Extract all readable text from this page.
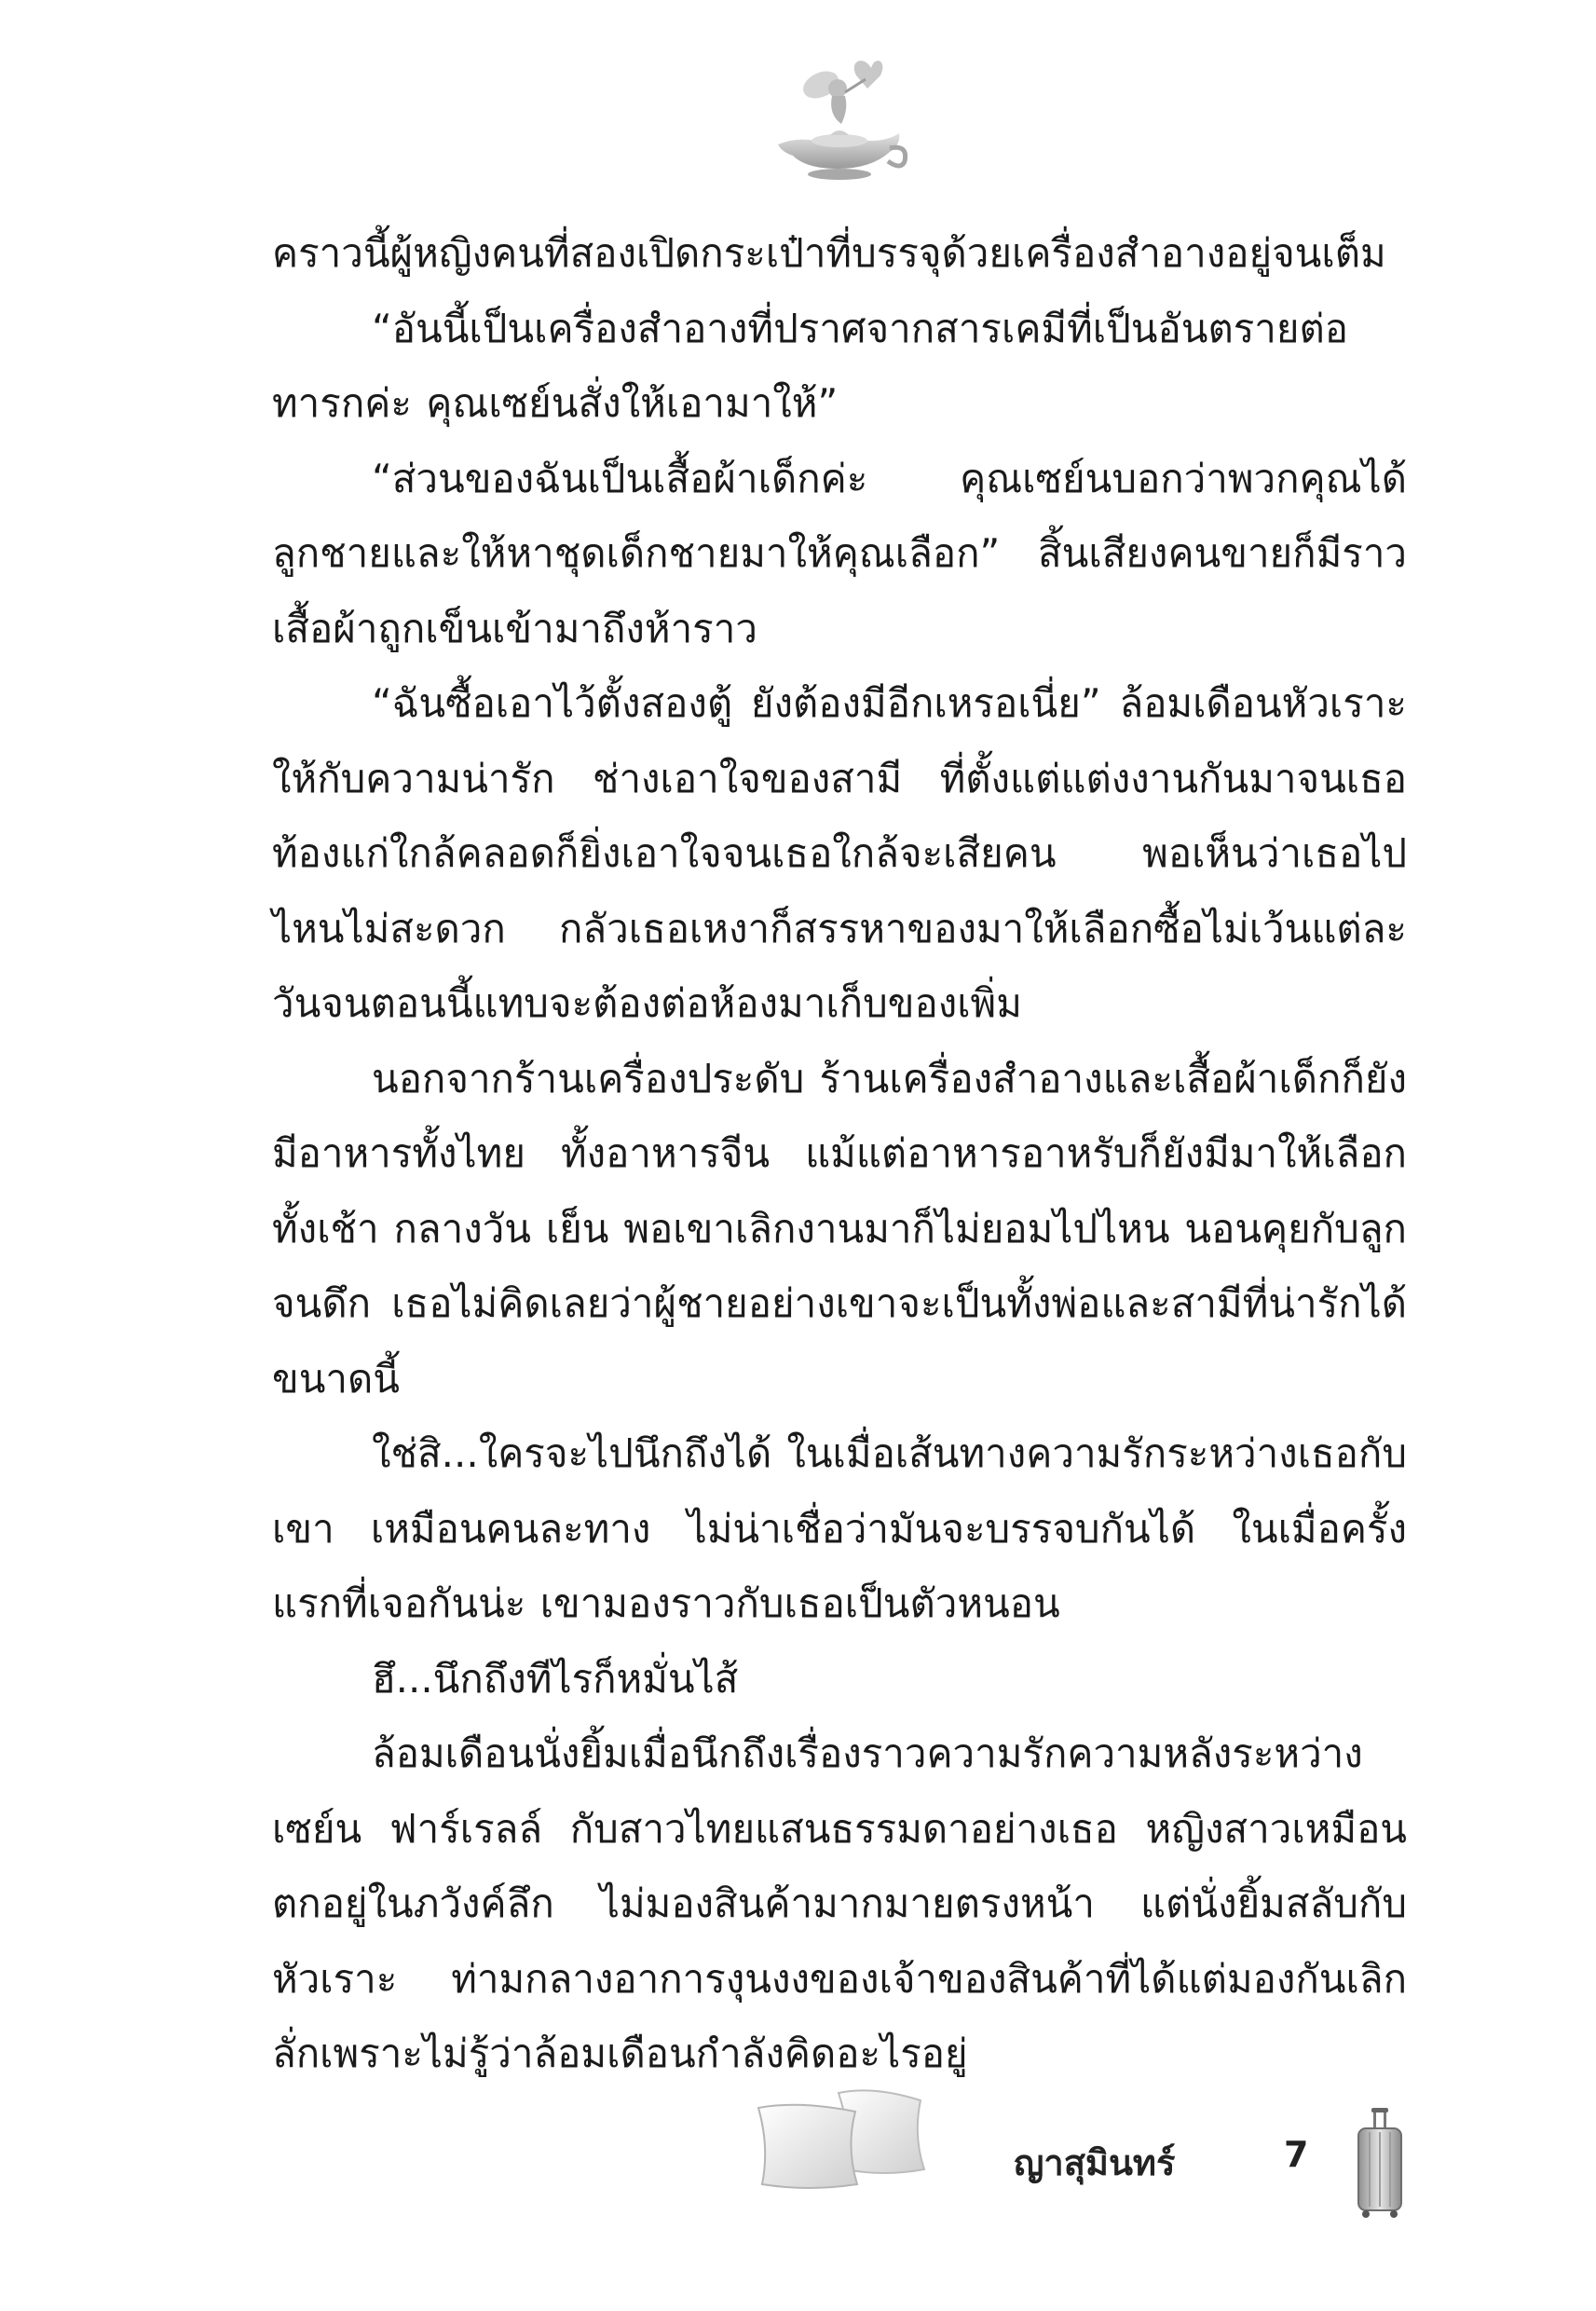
คราวนี้ผู้หญิงคนที่สองเปิดกระเป๋าที่บรรจุด้วยเครื่องสำอางอยู่จนเต็ม

“อันนี้เป็นเครื่องสำอางที่ปราศจากสารเคมีที่เป็นอันตรายต่อทารกค่ะ คุณเซย์นสั่งให้เอามาให้”

“ส่วนของฉันเป็นเสื้อผ้าเด็กค่ะ คุณเซย์นบอกว่าพวกคุณได้ลูกชายและให้หาชุดเด็กชายมาให้คุณเลือก” สิ้นเสียงคนขายก็มีราวเสื้อผ้าถูกเข็นเข้ามาถึงห้าราว

“ฉันซื้อเอาไว้ตั้งสองตู้ ยังต้องมีอีกเหรอเนี่ย” ล้อมเดือนหัวเราะให้กับความน่ารัก ช่างเอาใจของสามี ที่ตั้งแต่แต่งงานกันมาจนเธอท้องแก่ใกล้คลอดก็ยิ่งเอาใจจนเธอใกล้จะเสียคน พอเห็นว่าเธอไปไหนไม่สะดวก กลัวเธอเหงาก็สรรหาของมาให้เลือกซื้อไม่เว้นแต่ละวันจนตอนนี้แทบจะต้องต่อห้องมาเก็บของเพิ่ม

นอกจากร้านเครื่องประดับ ร้านเครื่องสำอางและเสื้อผ้าเด็กก็ยังมีอาหารทั้งไทย ทั้งอาหารจีน แม้แต่อาหารอาหรับก็ยังมีมาให้เลือกทั้งเช้า กลางวัน เย็น พอเขาเลิกงานมาก็ไม่ยอมไปไหน นอนคุยกับลูกจนดึก เธอไม่คิดเลยว่าผู้ชายอย่างเขาจะเป็นทั้งพ่อและสามีที่น่ารักได้ขนาดนี้

ใช่สิ...ใครจะไปนึกถึงได้ ในเมื่อเส้นทางความรักระหว่างเธอกับเขา เหมือนคนละทาง ไม่น่าเชื่อว่ามันจะบรรจบกันได้ ในเมื่อครั้งแรกที่เจอกันน่ะ เขามองราวกับเธอเป็นตัวหนอน

ฮึ...นึกถึงทีไรก็หมั่นไส้

ล้อมเดือนนั่งยิ้มเมื่อนึกถึงเรื่องราวความรักความหลังระหว่างเซย์น ฟาร์เรลล์ กับสาวไทยแสนธรรมดาอย่างเธอ หญิงสาวเหมือนตกอยู่ในภวังค์ลึก ไม่มองสินค้ามากมายตรงหน้า แต่นั่งยิ้มสลับกับหัวเราะ ท่ามกลางอาการงุนงงของเจ้าของสินค้าที่ได้แต่มองกันเลิกลั่กเพราะไม่รู้ว่าล้อมเดือนกำลังคิดอะไรอยู่

ญาสุมินทร์	7
